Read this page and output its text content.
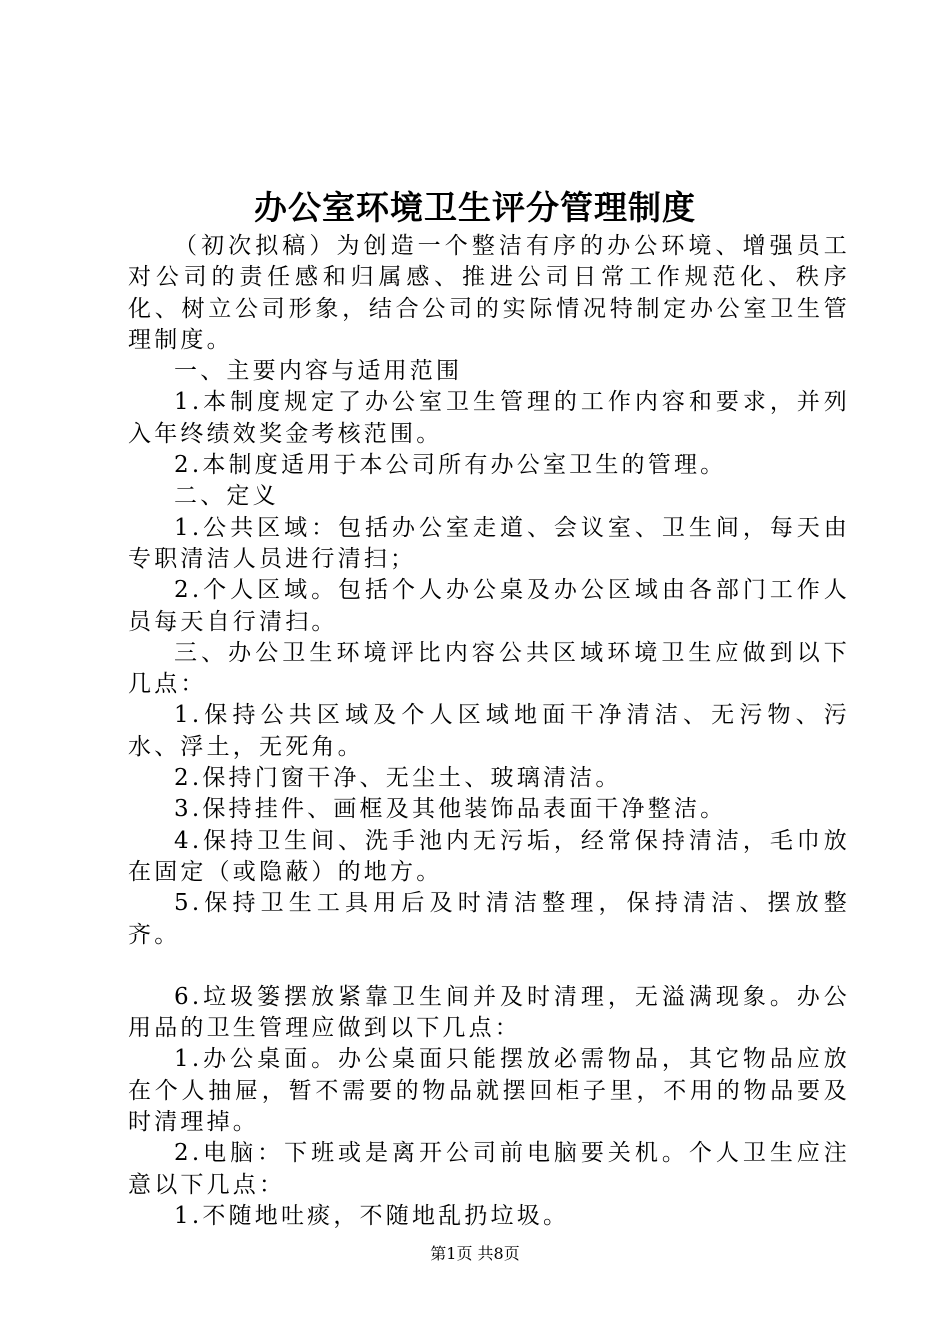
办公室环境卫生评分管理制度

（初次拟稿）为创造一个整洁有序的办公环境、增强员工对公司的责任感和归属感、推进公司日常工作规范化、秩序化、树立公司形象，结合公司的实际情况特制定办公室卫生管理制度。

一、主要内容与适用范围

1.本制度规定了办公室卫生管理的工作内容和要求，并列入年终绩效奖金考核范围。

2.本制度适用于本公司所有办公室卫生的管理。

二、定义

1.公共区域：包括办公室走道、会议室、卫生间，每天由专职清洁人员进行清扫；

2.个人区域。包括个人办公桌及办公区域由各部门工作人员每天自行清扫。

三、办公卫生环境评比内容公共区域环境卫生应做到以下几点：

1.保持公共区域及个人区域地面干净清洁、无污物、污水、浮土，无死角。

2.保持门窗干净、无尘土、玻璃清洁。

3.保持挂件、画框及其他装饰品表面干净整洁。

4.保持卫生间、洗手池内无污垢，经常保持清洁，毛巾放在固定（或隐蔽）的地方。

5.保持卫生工具用后及时清洁整理，保持清洁、摆放整齐。

6.垃圾篓摆放紧靠卫生间并及时清理，无溢满现象。办公用品的卫生管理应做到以下几点：

1.办公桌面。办公桌面只能摆放必需物品，其它物品应放在个人抽屉，暂不需要的物品就摆回柜子里，不用的物品要及时清理掉。

2.电脑：下班或是离开公司前电脑要关机。个人卫生应注意以下几点：

1.不随地吐痰，不随地乱扔垃圾。

第1页 共8页
